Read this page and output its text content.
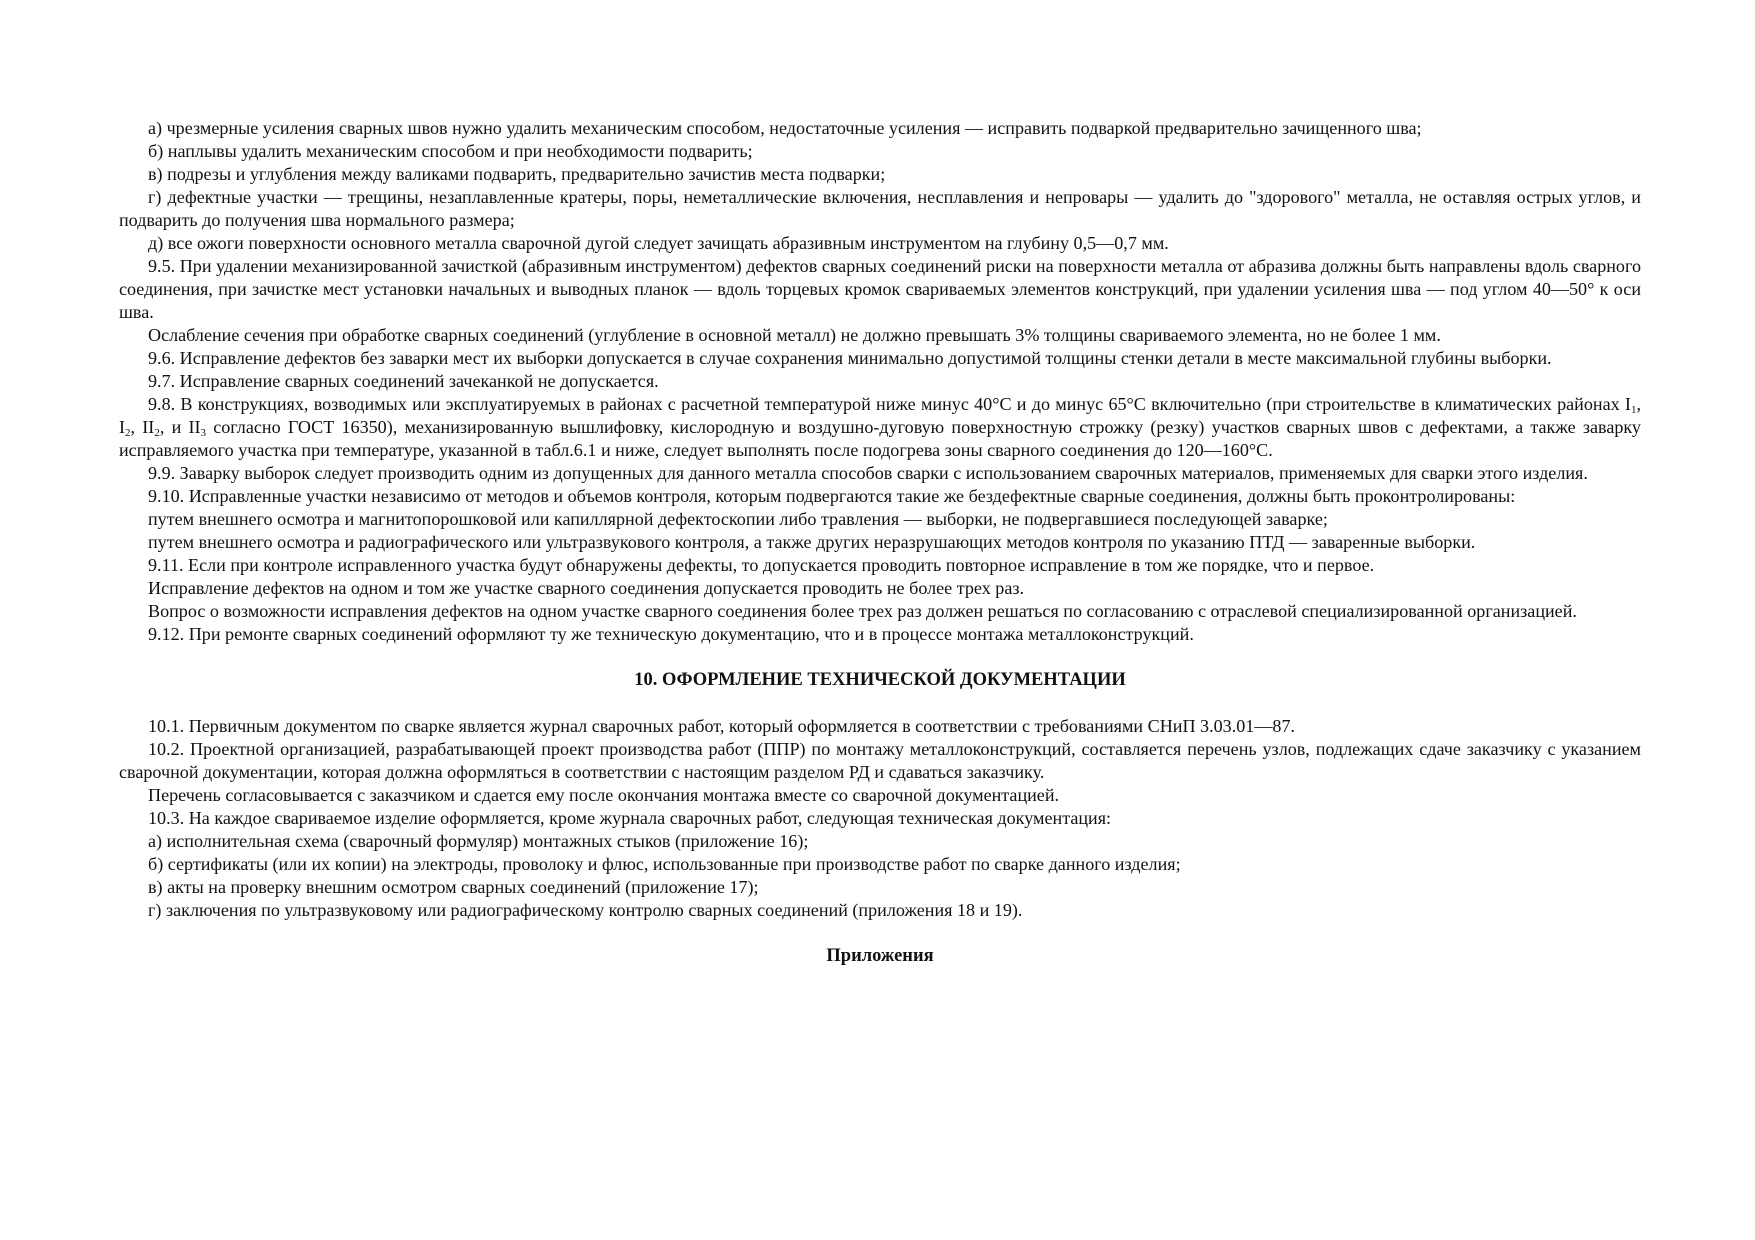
а) чрезмерные усиления сварных швов нужно удалить механическим способом, недостаточные усиления — исправить подваркой предварительно зачищенного шва;

б) наплывы удалить механическим способом и при необходимости подварить;

в) подрезы и углубления между валиками подварить, предварительно зачистив места подварки;

г) дефектные участки — трещины, незаплавленные кратеры, поры, неметаллические включения, несплавления и непровары — удалить до "здорового" металла, не оставляя острых углов, и подварить до получения шва нормального размера;

д) все ожоги поверхности основного металла сварочной дугой следует зачищать абразивным инструментом на глубину 0,5—0,7 мм.

9.5. При удалении механизированной зачисткой (абразивным инструментом) дефектов сварных соединений риски на поверхности металла от абразива должны быть направлены вдоль сварного соединения, при зачистке мест установки начальных и выводных планок — вдоль торцевых кромок свариваемых элементов конструкций, при удалении усиления шва — под углом 40—50° к оси шва.

Ослабление сечения при обработке сварных соединений (углубление в основной металл) не должно превышать 3% толщины свариваемого элемента, но не более 1 мм.

9.6. Исправление дефектов без заварки мест их выборки допускается в случае сохранения минимально допустимой толщины стенки детали в месте максимальной глубины выборки.

9.7. Исправление сварных соединений зачеканкой не допускается.

9.8. В конструкциях, возводимых или эксплуатируемых в районах с расчетной температурой ниже минус 40°С и до минус 65°С включительно (при строительстве в климатических районах $I_1$, $I_2$, $II_2$, и $II_3$ согласно ГОСТ 16350), механизированную вышлифовку, кислородную и воздушно-дуговую поверхностную строжку (резку) участков сварных швов с дефектами, а также заварку исправляемого участка при температуре, указанной в табл.6.1 и ниже, следует выполнять после подогрева зоны сварного соединения до 120—160°С.

9.9. Заварку выборок следует производить одним из допущенных для данного металла способов сварки с использованием сварочных материалов, применяемых для сварки этого изделия.

9.10. Исправленные участки независимо от методов и объемов контроля, которым подвергаются такие же бездефектные сварные соединения, должны быть проконтролированы:

путем внешнего осмотра и магнитопорошковой или капиллярной дефектоскопии либо травления — выборки, не подвергавшиеся последующей заварке;

путем внешнего осмотра и радиографического или ультразвукового контроля, а также других неразрушающих методов контроля по указанию ПТД — заваренные выборки.

9.11. Если при контроле исправленного участка будут обнаружены дефекты, то допускается проводить повторное исправление в том же порядке, что и первое.

Исправление дефектов на одном и том же участке сварного соединения допускается проводить не более трех раз.

Вопрос о возможности исправления дефектов на одном участке сварного соединения более трех раз должен решаться по согласованию с отраслевой специализированной организацией.

9.12. При ремонте сварных соединений оформляют ту же техническую документацию, что и в процессе монтажа металлоконструкций.

10. ОФОРМЛЕНИЕ ТЕХНИЧЕСКОЙ ДОКУМЕНТАЦИИ

10.1. Первичным документом по сварке является журнал сварочных работ, который оформляется в соответствии с требованиями СНиП 3.03.01—87.

10.2. Проектной организацией, разрабатывающей проект производства работ (ППР) по монтажу металлоконструкций, составляется перечень узлов, подлежащих сдаче заказчику с указанием сварочной документации, которая должна оформляться в соответствии с настоящим разделом РД и сдаваться заказчику.

Перечень согласовывается с заказчиком и сдается ему после окончания монтажа вместе со сварочной документацией.

10.3. На каждое свариваемое изделие оформляется, кроме журнала сварочных работ, следующая техническая документация:

а) исполнительная схема (сварочный формуляр) монтажных стыков (приложение 16);

б) сертификаты (или их копии) на электроды, проволоку и флюс, использованные при производстве работ по сварке данного изделия;

в) акты на проверку внешним осмотром сварных соединений (приложение 17);

г) заключения по ультразвуковому или радиографическому контролю сварных соединений (приложения 18 и 19).

Приложения
